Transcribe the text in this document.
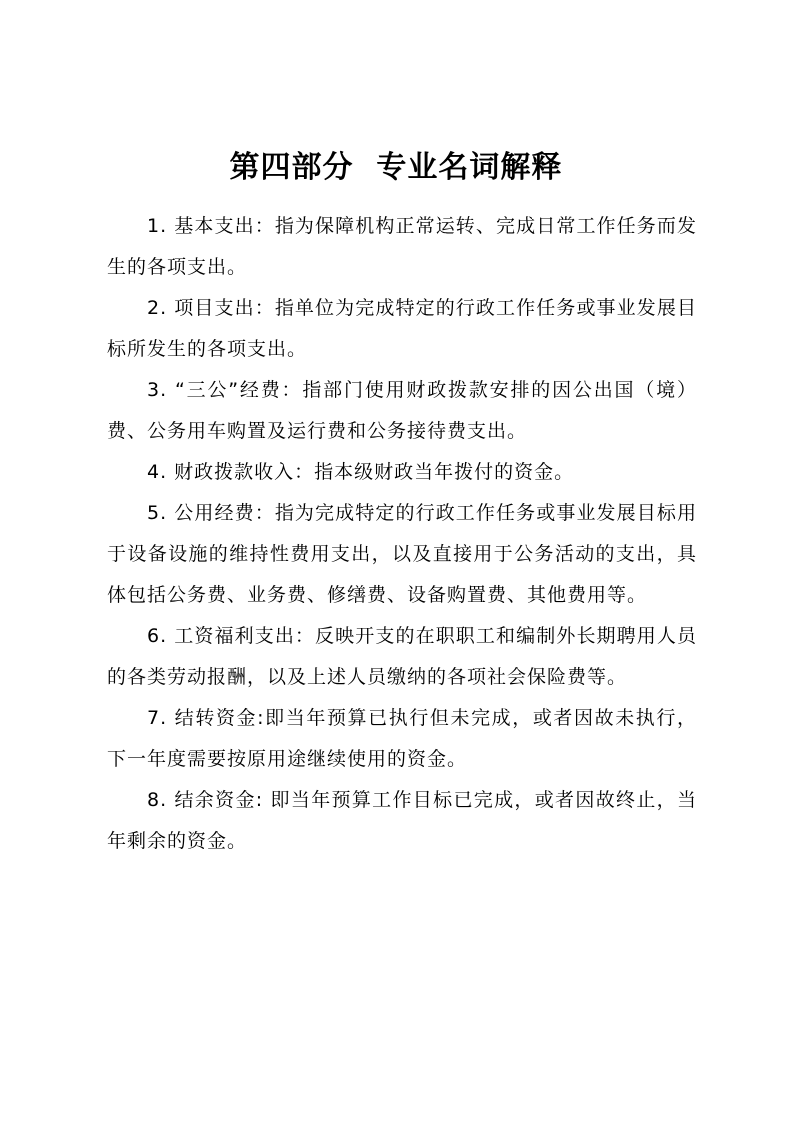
第四部分  专业名词解释

1. 基本支出：指为保障机构正常运转、完成日常工作任务而发生的各项支出。

2. 项目支出：指单位为完成特定的行政工作任务或事业发展目标所发生的各项支出。

3. “三公”经费：指部门使用财政拨款安排的因公出国（境）费、公务用车购置及运行费和公务接待费支出。

4. 财政拨款收入：指本级财政当年拨付的资金。

5. 公用经费：指为完成特定的行政工作任务或事业发展目标用于设备设施的维持性费用支出，以及直接用于公务活动的支出，具体包括公务费、业务费、修缮费、设备购置费、其他费用等。

6. 工资福利支出：反映开支的在职职工和编制外长期聘用人员的各类劳动报酬，以及上述人员缴纳的各项社会保险费等。

7. 结转资金:即当年预算已执行但未完成，或者因故未执行，下一年度需要按原用途继续使用的资金。

8. 结余资金: 即当年预算工作目标已完成，或者因故终止，当年剩余的资金。
